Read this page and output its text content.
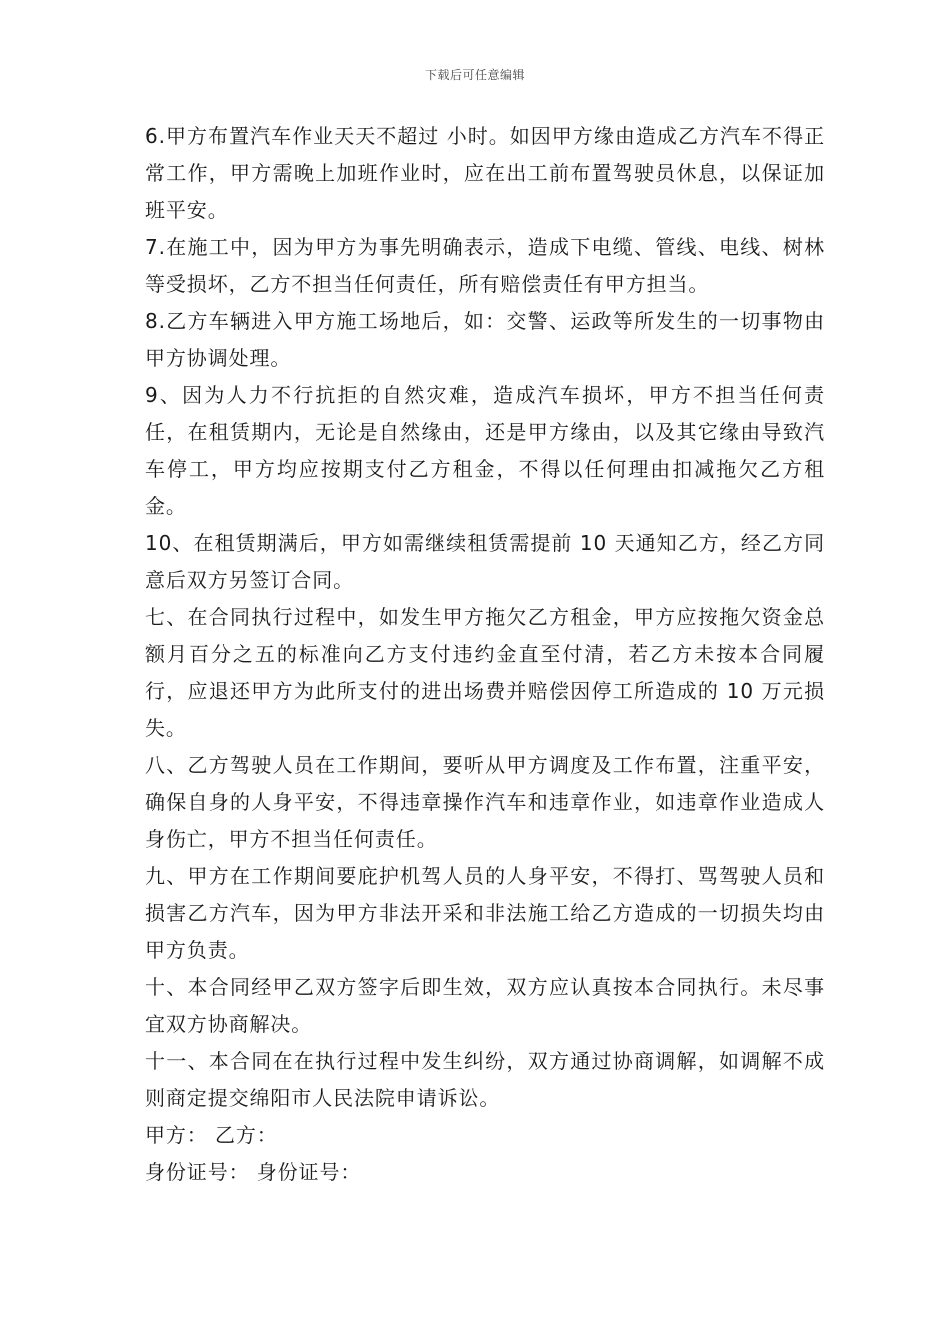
下载后可任意编辑

6.甲方布置汽车作业天天不超过 小时。如因甲方缘由造成乙方汽车不得正常工作，甲方需晚上加班作业时，应在出工前布置驾驶员休息，以保证加班平安。

7.在施工中，因为甲方为事先明确表示，造成下电缆、管线、电线、树林等受损坏，乙方不担当任何责任，所有赔偿责任有甲方担当。

8.乙方车辆进入甲方施工场地后，如：交警、运政等所发生的一切事物由甲方协调处理。

9、因为人力不行抗拒的自然灾难，造成汽车损坏，甲方不担当任何责任，在租赁期内，无论是自然缘由，还是甲方缘由，以及其它缘由导致汽车停工，甲方均应按期支付乙方租金，不得以任何理由扣减拖欠乙方租金。

10、在租赁期满后，甲方如需继续租赁需提前 10 天通知乙方，经乙方同意后双方另签订合同。

七、在合同执行过程中，如发生甲方拖欠乙方租金，甲方应按拖欠资金总额月百分之五的标准向乙方支付违约金直至付清，若乙方未按本合同履行，应退还甲方为此所支付的进出场费并赔偿因停工所造成的 10 万元损失。

八、乙方驾驶人员在工作期间，要听从甲方调度及工作布置，注重平安，确保自身的人身平安，不得违章操作汽车和违章作业，如违章作业造成人身伤亡，甲方不担当任何责任。

九、甲方在工作期间要庇护机驾人员的人身平安，不得打、骂驾驶人员和损害乙方汽车，因为甲方非法开采和非法施工给乙方造成的一切损失均由甲方负责。

十、本合同经甲乙双方签字后即生效，双方应认真按本合同执行。未尽事宜双方协商解决。

十一、本合同在在执行过程中发生纠纷，双方通过协商调解，如调解不成则商定提交绵阳市人民法院申请诉讼。

甲方： 乙方：

身份证号： 身份证号：
